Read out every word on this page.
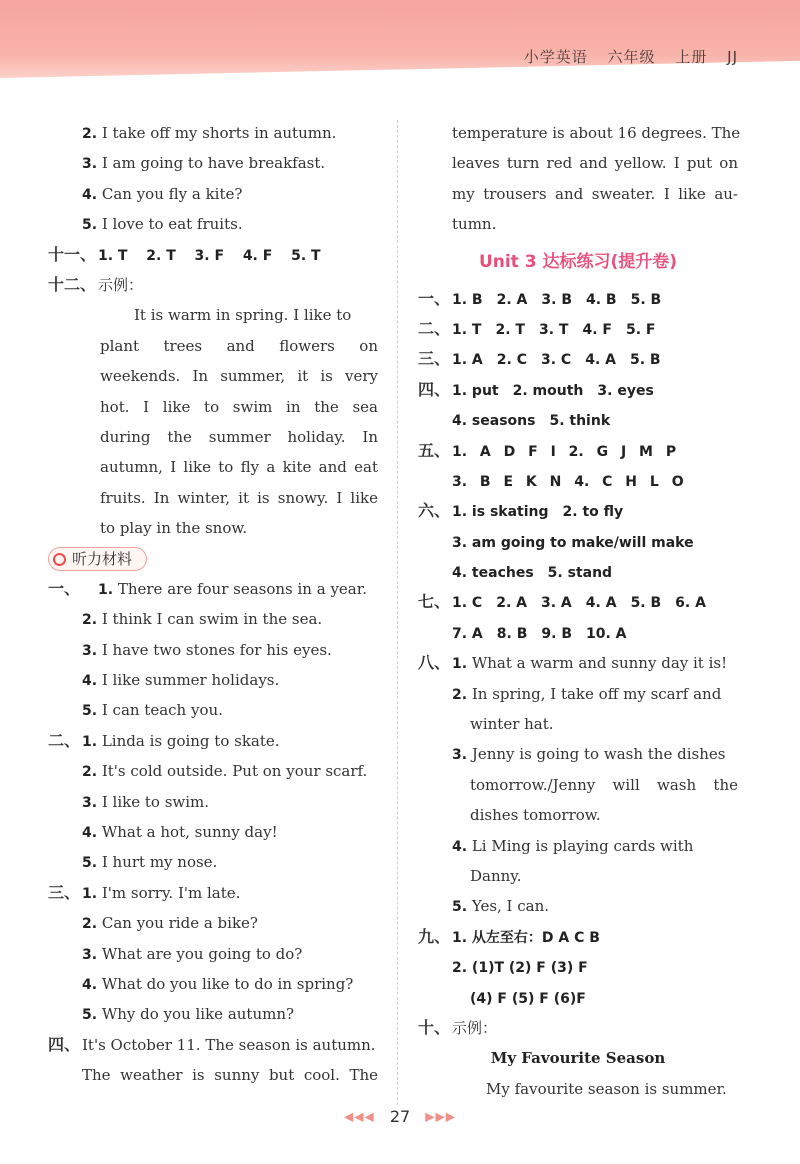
小学英语 六年级 上册 JJ
2. I take off my shorts in autumn.
3. I am going to have breakfast.
4. Can you fly a kite?
5. I love to eat fruits.
十一、 1. T 2. T 3. F 4. F 5. T
十二、 示例：
It is warm in spring. I like to
plant trees and flowers on
weekends. In summer, it is very
hot. I like to swim in the sea
during the summer holiday. In
autumn, I like to fly a kite and eat
fruits. In winter, it is snowy. I like
to play in the snow.
听力材料
一、 1. There are four seasons in a year.
2. I think I can swim in the sea.
3. I have two stones for his eyes.
4. I like summer holidays.
5. I can teach you.
二、 1. Linda is going to skate.
2. It's cold outside. Put on your scarf.
3. I like to swim.
4. What a hot, sunny day!
5. I hurt my nose.
三、 1. I'm sorry. I'm late.
2. Can you ride a bike?
3. What are you going to do?
4. What do you like to do in spring?
5. Why do you like autumn?
四、 It's October 11. The season is autumn.
The weather is sunny but cool. The
temperature is about 16 degrees. The
leaves turn red and yellow. I put on
my trousers and sweater. I like au-
tumn.
Unit 3 达标练习(提升卷)
一、 1. B 2. A 3. B 4. B 5. B
二、 1. T 2. T 3. T 4. F 5. F
三、 1. A 2. C 3. C 4. A 5. B
四、 1. put 2. mouth 3. eyes
4. seasons 5. think
五、 1. A D F I 2. G J M P
3. B E K N 4. C H L O
六、 1. is skating 2. to fly
3. am going to make/will make
4. teaches 5. stand
七、 1. C 2. A 3. A 4. A 5. B 6. A
7. A 8. B 9. B 10. A
八、 1. What a warm and sunny day it is!
2. In spring, I take off my scarf and
winter hat.
3. Jenny is going to wash the dishes
tomorrow./Jenny will wash the
dishes tomorrow.
4. Li Ming is playing cards with
Danny.
5. Yes, I can.
九、 1. 从左至右：D A C B
2. (1)T (2) F (3) F
(4) F (5) F (6)F
十、 示例：
My Favourite Season
My favourite season is summer.
◀◀◀ 27 ▶▶▶
